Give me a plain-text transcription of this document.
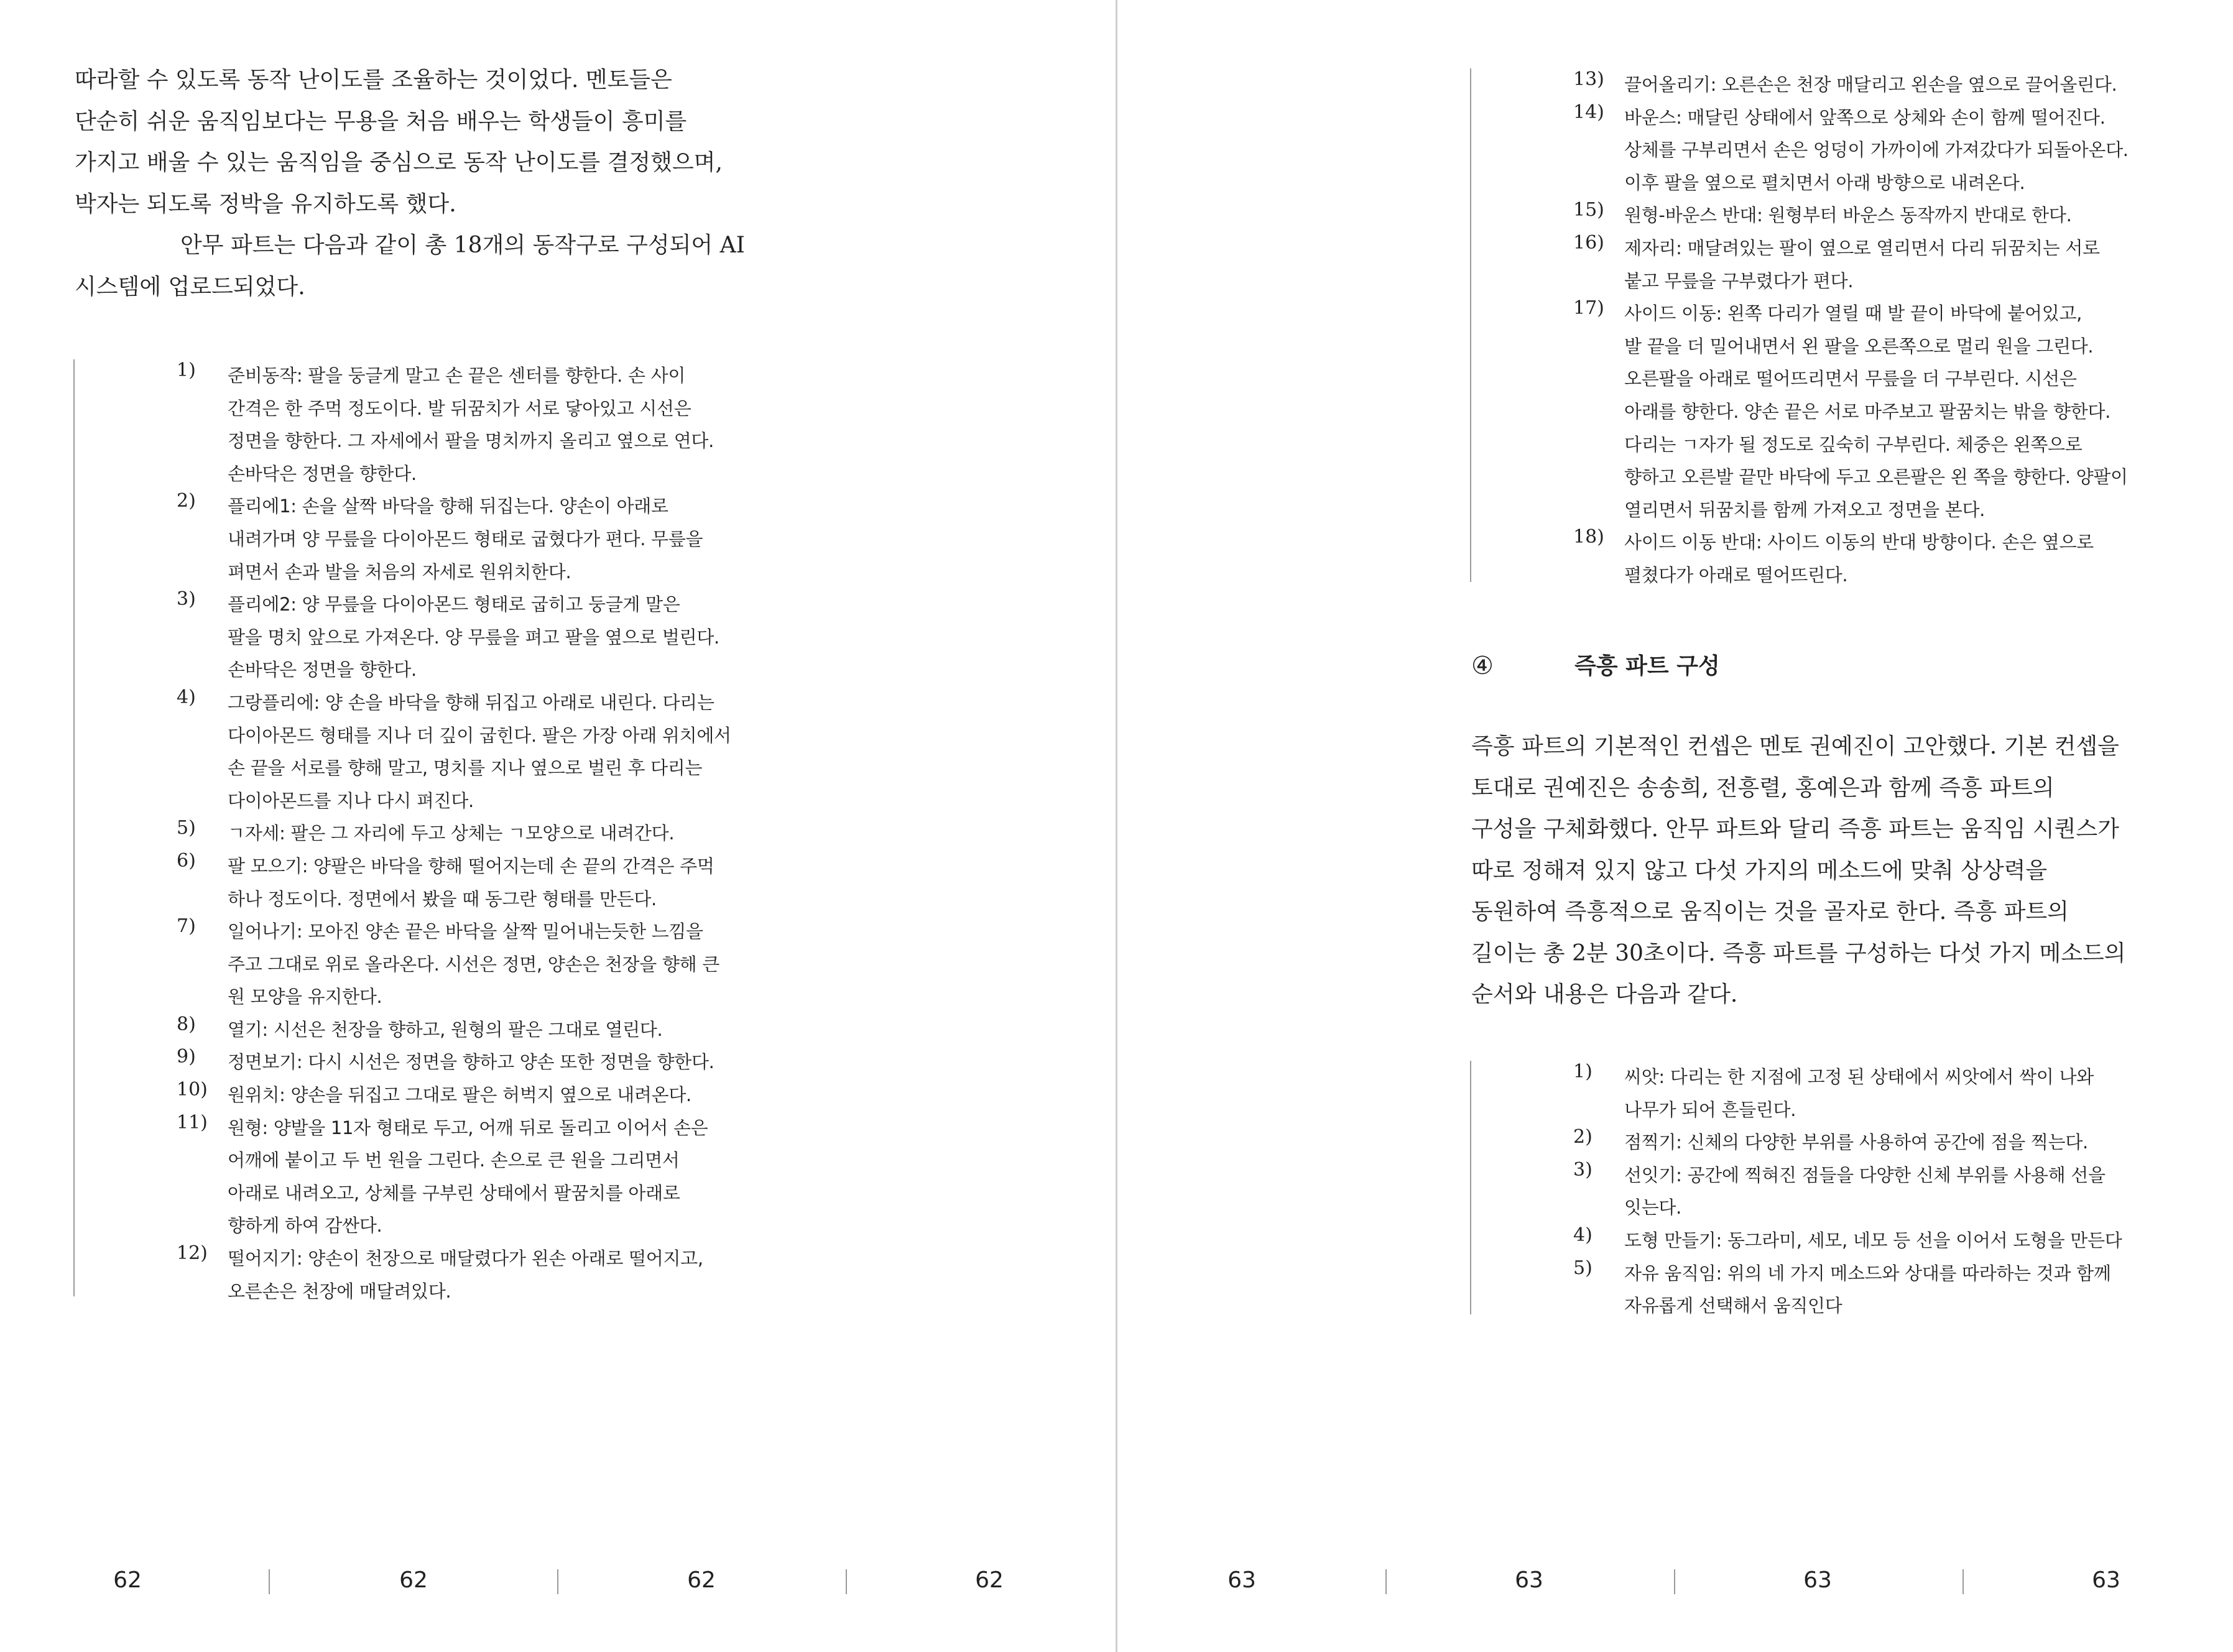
따라할 수 있도록 동작 난이도를 조율하는 것이었다. 멘토들은

단순히 쉬운 움직임보다는 무용을 처음 배우는 학생들이 흥미를

가지고 배울 수 있는 움직임을 중심으로 동작 난이도를 결정했으며,

박자는 되도록 정박을 유지하도록 했다.

안무 파트는 다음과 같이 총 18개의 동작구로 구성되어 AI

시스템에 업로드되었다.

1) 준비동작: 팔을 둥글게 말고 손 끝은 센터를 향한다. 손 사이
간격은 한 주먹 정도이다. 발 뒤꿈치가 서로 닿아있고 시선은
정면을 향한다. 그 자세에서 팔을 명치까지 올리고 옆으로 연다.
손바닥은 정면을 향한다.
2) 플리에1: 손을 살짝 바닥을 향해 뒤집는다. 양손이 아래로
내려가며 양 무릎을 다이아몬드 형태로 굽혔다가 편다. 무릎을
펴면서 손과 발을 처음의 자세로 원위치한다.
3) 플리에2: 양 무릎을 다이아몬드 형태로 굽히고 둥글게 말은
팔을 명치 앞으로 가져온다. 양 무릎을 펴고 팔을 옆으로 벌린다.
손바닥은 정면을 향한다.
4) 그랑플리에: 양 손을 바닥을 향해 뒤집고 아래로 내린다. 다리는
다이아몬드 형태를 지나 더 깊이 굽힌다. 팔은 가장 아래 위치에서
손 끝을 서로를 향해 말고, 명치를 지나 옆으로 벌린 후 다리는
다이아몬드를 지나 다시 펴진다.
5) ㄱ자세: 팔은 그 자리에 두고 상체는 ㄱ모양으로 내려간다.
6) 팔 모으기: 양팔은 바닥을 향해 떨어지는데 손 끝의 간격은 주먹
하나 정도이다. 정면에서 봤을 때 동그란 형태를 만든다.
7) 일어나기: 모아진 양손 끝은 바닥을 살짝 밀어내는듯한 느낌을
주고 그대로 위로 올라온다. 시선은 정면, 양손은 천장을 향해 큰
원 모양을 유지한다.
8) 열기: 시선은 천장을 향하고, 원형의 팔은 그대로 열린다.
9) 정면보기: 다시 시선은 정면을 향하고 양손 또한 정면을 향한다.
10) 원위치: 양손을 뒤집고 그대로 팔은 허벅지 옆으로 내려온다.
11) 원형: 양발을 11자 형태로 두고, 어깨 뒤로 돌리고 이어서 손은
어깨에 붙이고 두 번 원을 그린다. 손으로 큰 원을 그리면서
아래로 내려오고, 상체를 구부린 상태에서 팔꿈치를 아래로
향하게 하여 감싼다.
12) 떨어지기: 양손이 천장으로 매달렸다가 왼손 아래로 떨어지고,
오른손은 천장에 매달려있다.
62	62	62	62
13) 끌어올리기: 오른손은 천장 매달리고 왼손을 옆으로 끌어올린다.
14) 바운스: 매달린 상태에서 앞쪽으로 상체와 손이 함께 떨어진다.
상체를 구부리면서 손은 엉덩이 가까이에 가져갔다가 되돌아온다.
이후 팔을 옆으로 펼치면서 아래 방향으로 내려온다.
15) 원형-바운스 반대: 원형부터 바운스 동작까지 반대로 한다.
16) 제자리: 매달려있는 팔이 옆으로 열리면서 다리 뒤꿈치는 서로
붙고 무릎을 구부렸다가 편다.
17) 사이드 이동: 왼쪽 다리가 열릴 때 발 끝이 바닥에 붙어있고,
발 끝을 더 밀어내면서 왼 팔을 오른쪽으로 멀리 원을 그린다.
오른팔을 아래로 떨어뜨리면서 무릎을 더 구부린다. 시선은
아래를 향한다. 양손 끝은 서로 마주보고 팔꿈치는 밖을 향한다.
다리는 ㄱ자가 될 정도로 깊숙히 구부린다. 체중은 왼쪽으로
향하고 오른발 끝만 바닥에 두고 오른팔은 왼 쪽을 향한다. 양팔이
열리면서 뒤꿈치를 함께 가져오고 정면을 본다.
18) 사이드 이동 반대: 사이드 이동의 반대 방향이다. 손은 옆으로
펼쳤다가 아래로 떨어뜨린다.
④	즉흥 파트 구성

즉흥 파트의 기본적인 컨셉은 멘토 권예진이 고안했다. 기본 컨셉을

토대로 권예진은 송송희, 전흥렬, 홍예은과 함께 즉흥 파트의

구성을 구체화했다. 안무 파트와 달리 즉흥 파트는 움직임 시퀀스가

따로 정해져 있지 않고 다섯 가지의 메소드에 맞춰 상상력을

동원하여 즉흥적으로 움직이는 것을 골자로 한다. 즉흥 파트의

길이는 총 2분 30초이다. 즉흥 파트를 구성하는 다섯 가지 메소드의

순서와 내용은 다음과 같다.

1) 씨앗: 다리는 한 지점에 고정 된 상태에서 씨앗에서 싹이 나와
나무가 되어 흔들린다.
2) 점찍기: 신체의 다양한 부위를 사용하여 공간에 점을 찍는다.
3) 선잇기: 공간에 찍혀진 점들을 다양한 신체 부위를 사용해 선을
잇는다.
4) 도형 만들기: 동그라미, 세모, 네모 등 선을 이어서 도형을 만든다
5) 자유 움직임: 위의 네 가지 메소드와 상대를 따라하는 것과 함께
자유롭게 선택해서 움직인다
63	63	63	63
